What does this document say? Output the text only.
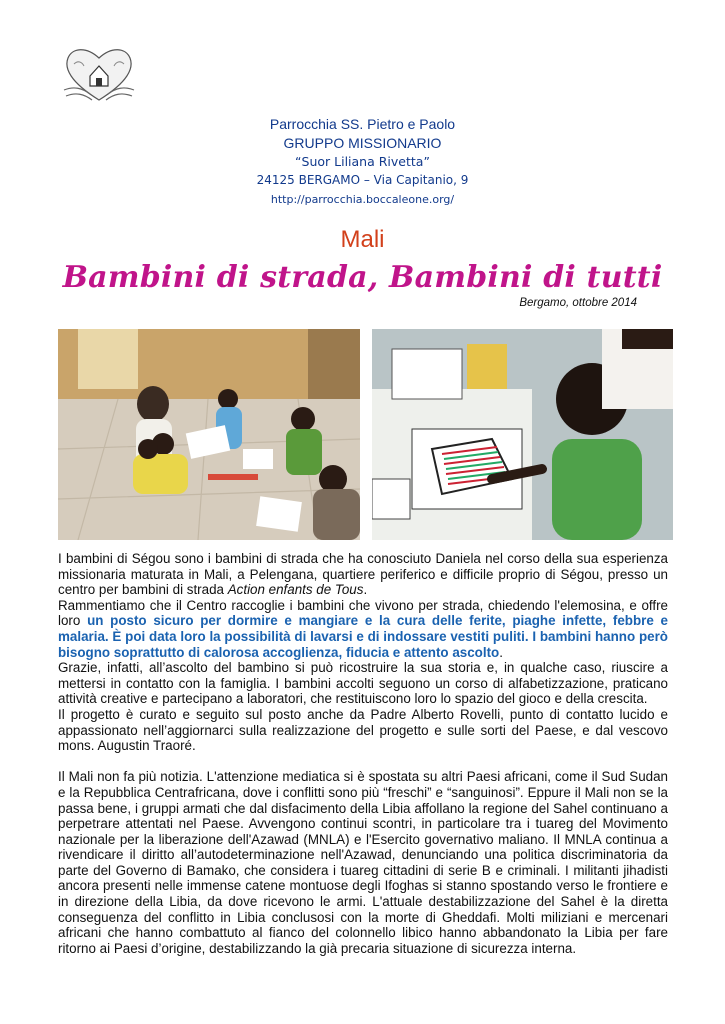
Parrocchia SS. Pietro e Paolo
GRUPPO MISSIONARIO
“Suor Liliana Rivetta”
24125 BERGAMO – Via Capitanio, 9
http://parrocchia.boccaleone.org/
Mali
Bambini di strada, Bambini di tutti
Bergamo, ottobre 2014

I bambini di Ségou sono i bambini di strada che ha conosciuto Daniela nel corso della sua esperienza missionaria maturata in Mali, a Pelengana, quartiere periferico e difficile proprio di Ségou, presso un centro per bambini di strada Action enfants de Tous.

Rammentiamo che il Centro raccoglie i bambini che vivono per strada, chiedendo l'elemosina, e offre loro un posto sicuro per dormire e mangiare e la cura delle ferite, piaghe infette, febbre e malaria. È poi data loro la possibilità di lavarsi e di indossare vestiti puliti. I bambini hanno però bisogno soprattutto di calorosa accoglienza, fiducia e attento ascolto.

Grazie, infatti, all’ascolto del bambino si può ricostruire la sua storia e, in qualche caso, riuscire a mettersi in contatto con la famiglia. I bambini accolti seguono un corso di alfabetizzazione, praticano attività creative e partecipano a laboratori, che restituiscono loro lo spazio del gioco e della crescita.

Il progetto è curato e seguito sul posto anche da Padre Alberto Rovelli, punto di contatto lucido e appassionato nell’aggiornarci sulla realizzazione del progetto e sulle sorti del Paese, e dal vescovo mons. Augustin Traoré.

Il Mali non fa più notizia. L'attenzione mediatica si è spostata su altri Paesi africani, come il Sud Sudan e la Repubblica Centrafricana, dove i conflitti sono più “freschi” e “sanguinosi”. Eppure il Mali non se la passa bene, i gruppi armati che dal disfacimento della Libia affollano la regione del Sahel continuano a perpetrare attentati nel Paese. Avvengono continui scontri, in particolare tra i tuareg del Movimento nazionale per la liberazione dell'Azawad (MNLA) e l'Esercito governativo maliano. Il MNLA continua a rivendicare il diritto all’autodeterminazione nell'Azawad, denunciando una politica discriminatoria da parte del Governo di Bamako, che considera i tuareg cittadini di serie B e criminali. I militanti jihadisti ancora presenti nelle immense catene montuose degli Ifoghas si stanno spostando verso le frontiere e in direzione della Libia, da dove ricevono le armi. L'attuale destabilizzazione del Sahel è la diretta conseguenza del conflitto in Libia conclusosi con la morte di Gheddafi. Molti miliziani e mercenari africani che hanno combattuto al fianco del colonnello libico hanno abbandonato la Libia per fare ritorno ai Paesi d’origine, destabilizzando la già precaria situazione di sicurezza interna.
